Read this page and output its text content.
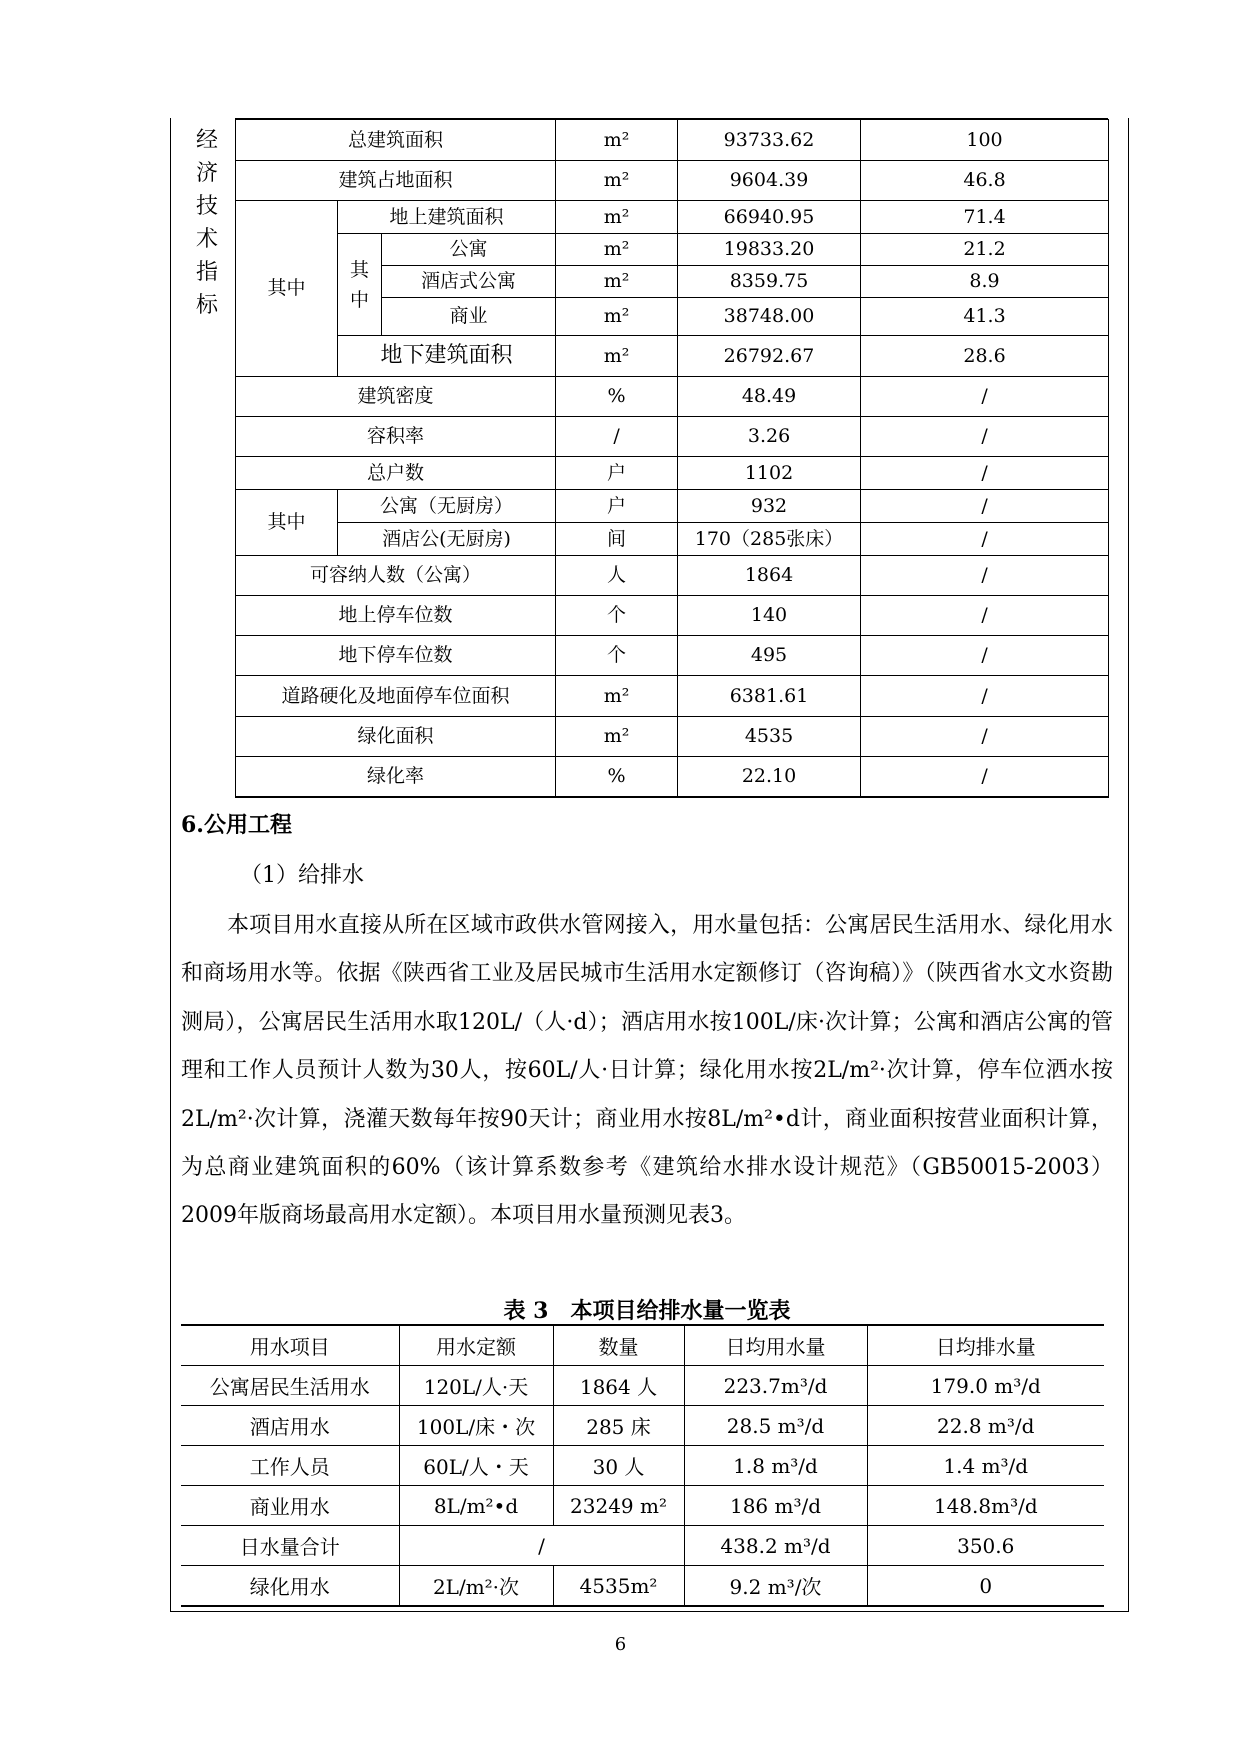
经
济
技
术
指
标
总建筑面积			m²	93733.62	100
建筑占地面积			m²	9604.39	46.8
其中	地上建筑面积		m²	66940.95	71.4
	其中	公寓	m²	19833.20	21.2
		酒店式公寓	m²	8359.75	8.9
		商业	m²	38748.00	41.3
	地下建筑面积		m²	26792.67	28.6
建筑密度			%	48.49	/
容积率			/	3.26	/
总户数			户	1102	/
其中	公寓（无厨房）		户	932	/
	酒店公(无厨房)		间	170（285张床）	/
可容纳人数（公寓）			人	1864	/
地上停车位数			个	140	/
地下停车位数			个	495	/
道路硬化及地面停车位面积			m²	6381.61	/
绿化面积			m²	4535	/
绿化率			%	22.10	/
6.公用工程
（1）给排水

本项目用水直接从所在区域市政供水管网接入，用水量包括：公寓居民生活用水、绿化用水和商场用水等。依据《陕西省工业及居民城市生活用水定额修订（咨询稿）》（陕西省水文水资勘测局），公寓居民生活用水取120L/（人·d）；酒店用水按100L/床·次计算；公寓和酒店公寓的管理和工作人员预计人数为30人，按60L/人·日计算；绿化用水按2L/m²·次计算，停车位洒水按2L/m²·次计算，浇灌天数每年按90天计；商业用水按8L/m²•d计，商业面积按营业面积计算，为总商业建筑面积的60%（该计算系数参考《建筑给水排水设计规范》（GB50015-2003）2009年版商场最高用水定额）。本项目用水量预测见表3。

表 3　本项目给排水量一览表
用水项目	用水定额	数量	日均用水量	日均排水量
公寓居民生活用水	120L/人·天	1864 人	223.7m³/d	179.0 m³/d
酒店用水	100L/床・次	285 床	28.5 m³/d	22.8 m³/d
工作人员	60L/人・天	30 人	1.8 m³/d	1.4 m³/d
商业用水	8L/m²•d	23249 m²	186 m³/d	148.8m³/d
日水量合计	/		438.2 m³/d	350.6
绿化用水	2L/m²·次	4535m²	9.2 m³/次	0
6
